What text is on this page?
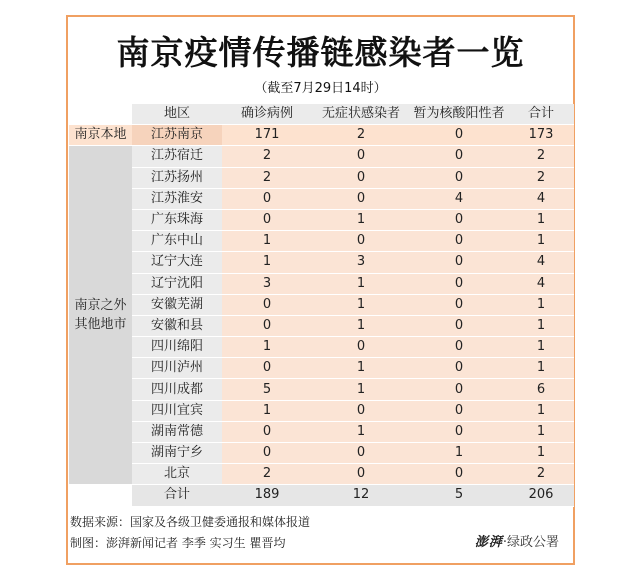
南京疫情传播链感染者一览
（截至7月29日14时）
	地区	确诊病例	无症状感染者	暂为核酸阳性者	合计
南京本地	江苏南京	171	2	0	173

南京之外
其他地市	江苏宿迁	2	0	0	2
	江苏扬州	2	0	0	2
	江苏淮安	0	0	4	4
	广东珠海	0	1	0	1
	广东中山	1	0	0	1
	辽宁大连	1	3	0	4
	辽宁沈阳	3	1	0	4
	安徽芜湖	0	1	0	1
	安徽和县	0	1	0	1
	四川绵阳	1	0	0	1
	四川泸州	0	1	0	1
	四川成都	5	1	0	6
	四川宜宾	1	0	0	1
	湖南常德	0	1	0	1
	湖南宁乡	0	0	1	1
	北京	2	0	0	2
	合计	189	12	5	206
数据来源：国家及各级卫健委通报和媒体报道
制图：澎湃新闻记者 李季 实习生 瞿晋均	澎湃·绿政公署
